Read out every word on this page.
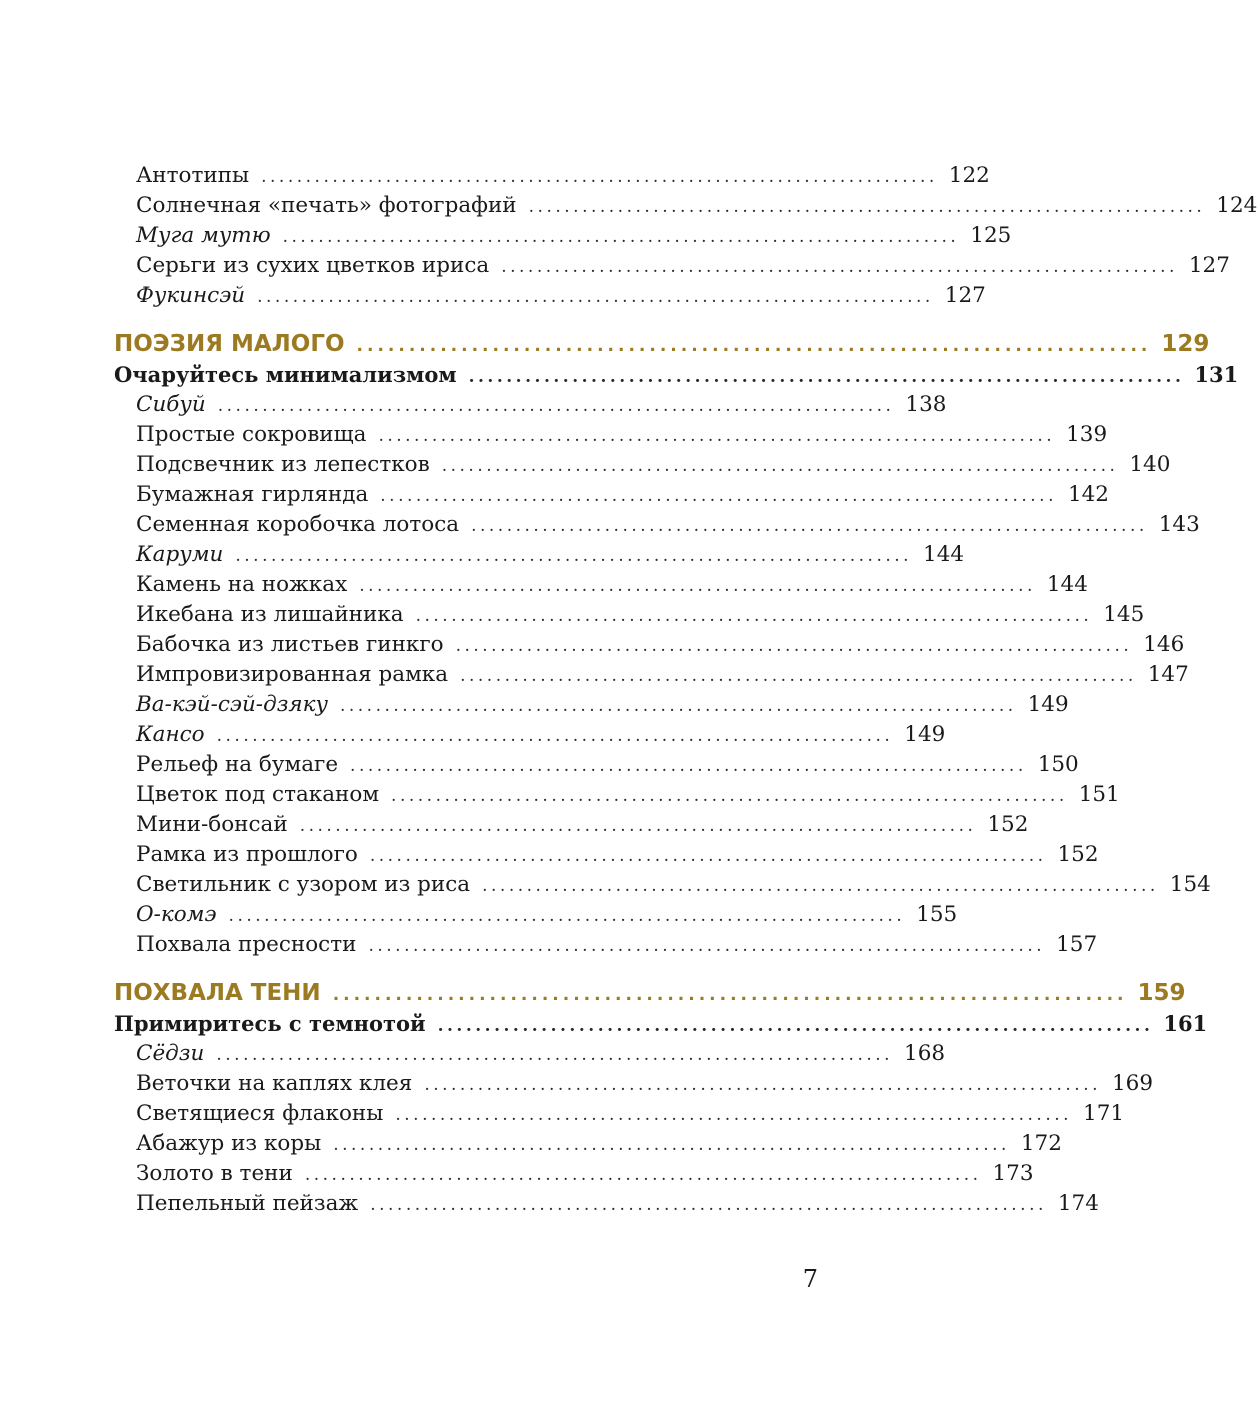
Антотипы ............................................................................ 122
Солнечная «печать» фотографий ............................................................................ 124
Муга мутю ............................................................................ 125
Серьги из сухих цветков ириса ............................................................................ 127
Фукинсэй ............................................................................ 127
ПОЭЗИЯ МАЛОГО ............................................................................ 129
Очаруйтесь минимализмом ............................................................................ 131
Сибуй ............................................................................ 138
Простые сокровища ............................................................................ 139
Подсвечник из лепестков ............................................................................ 140
Бумажная гирлянда ............................................................................ 142
Семенная коробочка лотоса ............................................................................ 143
Каруми ............................................................................ 144
Камень на ножках ............................................................................ 144
Икебана из лишайника ............................................................................ 145
Бабочка из листьев гинкго ............................................................................ 146
Импровизированная рамка ............................................................................ 147
Ва-кэй-сэй-дзяку ............................................................................ 149
Кансо ............................................................................ 149
Рельеф на бумаге ............................................................................ 150
Цветок под стаканом ............................................................................ 151
Мини-бонсай ............................................................................ 152
Рамка из прошлого ............................................................................ 152
Светильник с узором из риса ............................................................................ 154
О-комэ ............................................................................ 155
Похвала пресности ............................................................................ 157
ПОХВАЛА ТЕНИ ............................................................................ 159
Примиритесь с темнотой ............................................................................ 161
Сёдзи ............................................................................ 168
Веточки на каплях клея ............................................................................ 169
Светящиеся флаконы ............................................................................ 171
Абажур из коры ............................................................................ 172
Золото в тени ............................................................................ 173
Пепельный пейзаж ............................................................................ 174
7
